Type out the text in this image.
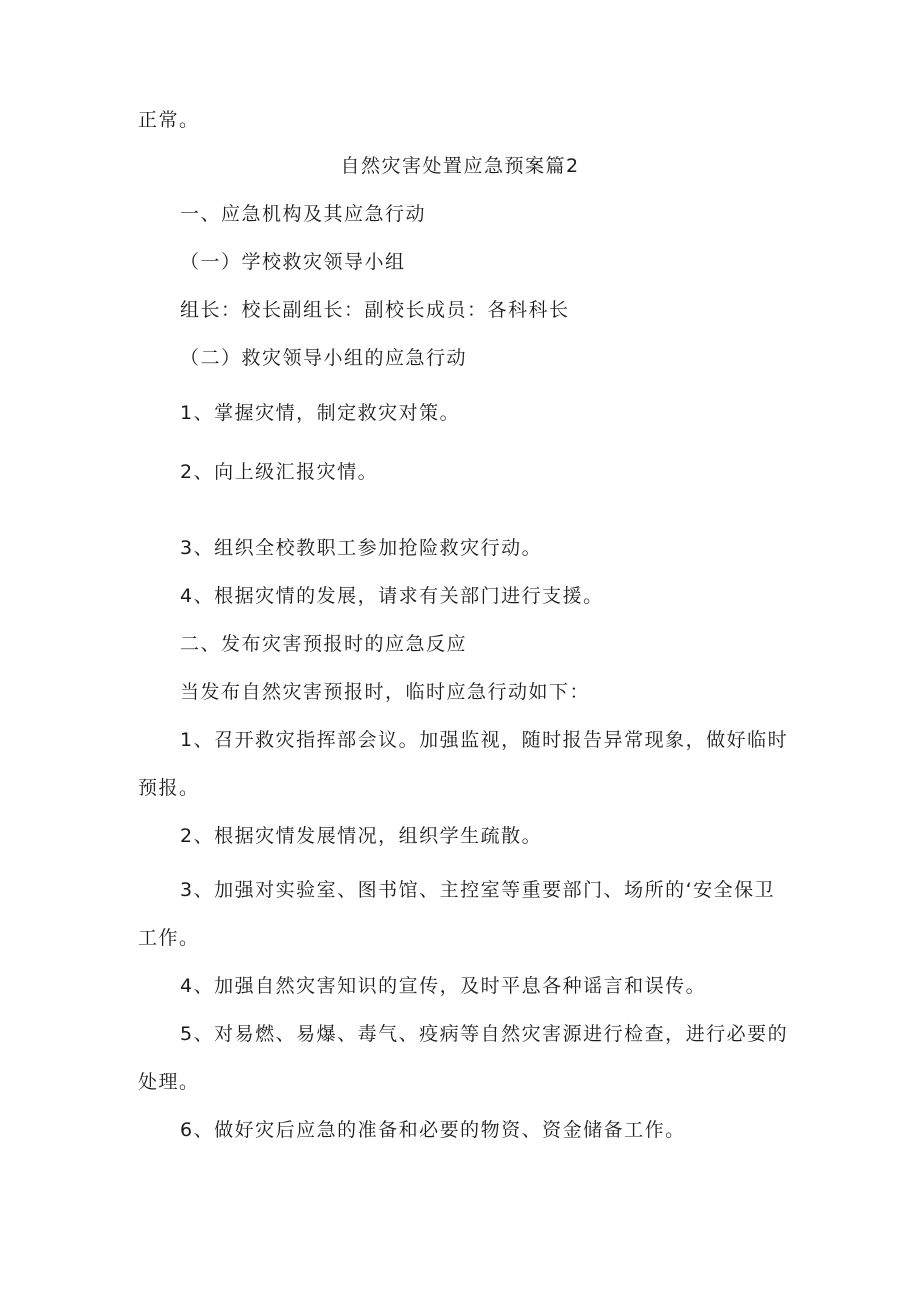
正常。
自然灾害处置应急预案篇2
一、应急机构及其应急行动
（一）学校救灾领导小组
组长：校长副组长：副校长成员：各科科长
（二）救灾领导小组的应急行动
1、掌握灾情，制定救灾对策。
2、向上级汇报灾情。
3、组织全校教职工参加抢险救灾行动。
4、根据灾情的发展，请求有关部门进行支援。
二、发布灾害预报时的应急反应
当发布自然灾害预报时，临时应急行动如下：
1、召开救灾指挥部会议。加强监视，随时报告异常现象，做好临时
预报。
2、根据灾情发展情况，组织学生疏散。
3、加强对实验室、图书馆、主控室等重要部门、场所的‘安全保卫
工作。
4、加强自然灾害知识的宣传，及时平息各种谣言和误传。
5、对易燃、易爆、毒气、疫病等自然灾害源进行检查，进行必要的
处理。
6、做好灾后应急的准备和必要的物资、资金储备工作。
